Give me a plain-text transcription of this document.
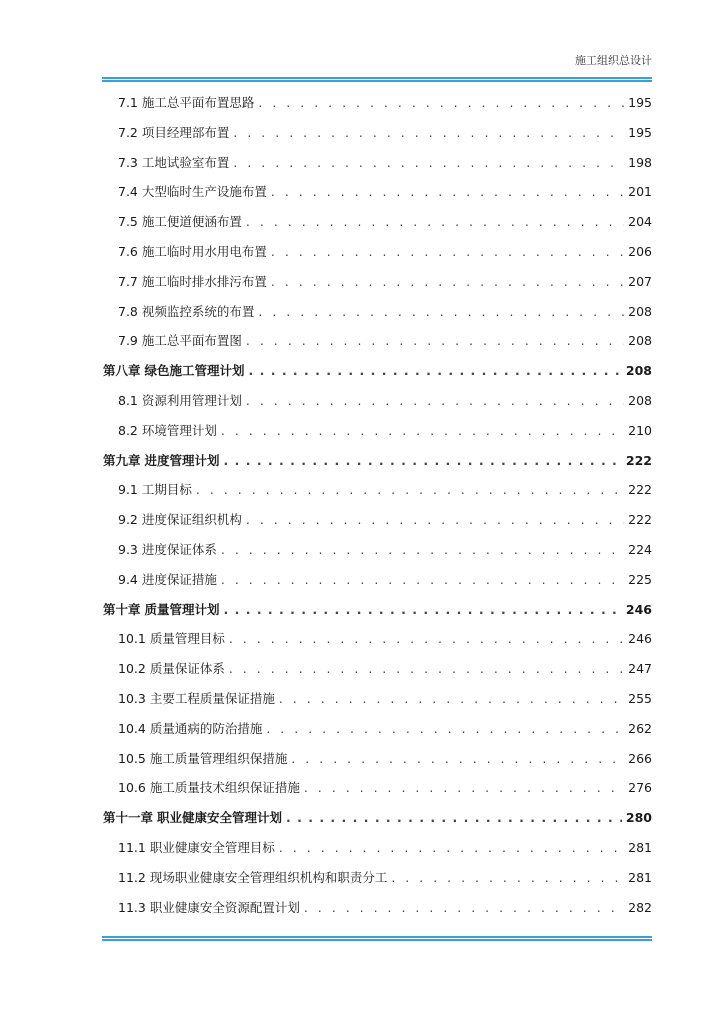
施工组织总设计
7.1 施工总平面布置思路 . . .	195
7.2 项目经理部布置 . . .	195
7.3 工地试验室布置 . . .	198
7.4 大型临时生产设施布置 . . .	201
7.5 施工便道便涵布置 . . .	204
7.6 施工临时用水用电布置 . . .	206
7.7 施工临时排水排污布置 . . .	207
7.8 视频监控系统的布置 . . .	208
7.9 施工总平面布置图 . . .	208
第八章 绿色施工管理计划 . . .	208
8.1 资源利用管理计划 . . .	208
8.2 环境管理计划 . . .	210
第九章 进度管理计划 . . .	222
9.1 工期目标 . . .	222
9.2 进度保证组织机构 . . .	222
9.3 进度保证体系 . . .	224
9.4 进度保证措施 . . .	225
第十章 质量管理计划 . . .	246
10.1 质量管理目标 . . .	246
10.2 质量保证体系 . . .	247
10.3 主要工程质量保证措施 . . .	255
10.4 质量通病的防治措施 . . .	262
10.5 施工质量管理组织保措施 . . .	266
10.6 施工质量技术组织保证措施 . . .	276
第十一章 职业健康安全管理计划 . . .	280
11.1 职业健康安全管理目标 . . .	281
11.2 现场职业健康安全管理组织机构和职责分工 . . .	281
11.3 职业健康安全资源配置计划 . . .	282
